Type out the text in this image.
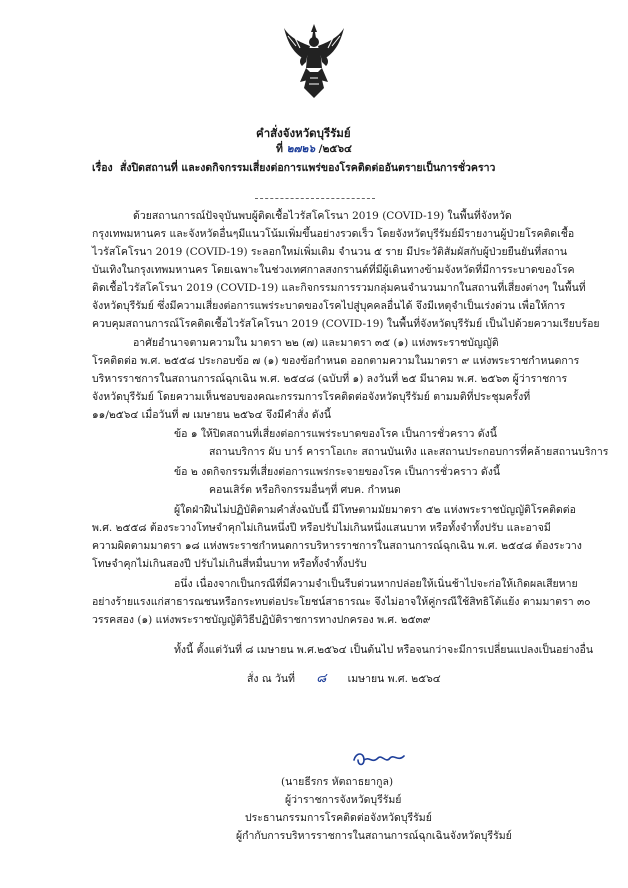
คำสั่งจังหวัดบุรีรัมย์
ที่ ๒๗๒๖ /๒๕๖๔
เรื่อง สั่งปิดสถานที่ และงดกิจกรรมเสี่ยงต่อการแพร่ของโรคติดต่ออันตรายเป็นการชั่วคราว
ด้วยสถานการณ์ปัจจุบันพบผู้ติดเชื้อไวรัสโคโรนา 2019 (COVID-19) ในพื้นที่จังหวัด
กรุงเทพมหานคร และจังหวัดอื่นๆมีแนวโน้มเพิ่มขึ้นอย่างรวดเร็ว โดยจังหวัดบุรีรัมย์มีรายงานผู้ป่วยโรคติดเชื้อ
ไวรัสโคโรนา 2019 (COVID-19) ระลอกใหม่เพิ่มเติม จำนวน ๕ ราย มีประวัติสัมผัสกับผู้ป่วยยืนยันที่สถาน
บันเทิงในกรุงเทพมหานคร โดยเฉพาะในช่วงเทศกาลสงกรานต์ที่มีผู้เดินทางข้ามจังหวัดที่มีการระบาดของโรค
ติดเชื้อไวรัสโคโรนา 2019 (COVID-19) และกิจกรรมการรวมกลุ่มคนจำนวนมากในสถานที่เสี่ยงต่างๆ ในพื้นที่
จังหวัดบุรีรัมย์ ซึ่งมีความเสี่ยงต่อการแพร่ระบาดของโรคไปสู่บุคคลอื่นได้ จึงมีเหตุจำเป็นเร่งด่วน เพื่อให้การ
ควบคุมสถานการณ์โรคติดเชื้อไวรัสโคโรนา 2019 (COVID-19) ในพื้นที่จังหวัดบุรีรัมย์ เป็นไปด้วยความเรียบร้อย
อาศัยอำนาจตามความใน มาตรา ๒๒ (๗) และมาตรา ๓๕ (๑) แห่งพระราชบัญญัติ
โรคติดต่อ พ.ศ. ๒๕๕๘ ประกอบข้อ ๗ (๑) ของข้อกำหนด ออกตามความในมาตรา ๙ แห่งพระราชกำหนดการ
บริหารราชการในสถานการณ์ฉุกเฉิน พ.ศ. ๒๕๔๘ (ฉบับที่ ๑) ลงวันที่ ๒๕ มีนาคม พ.ศ. ๒๕๖๓ ผู้ว่าราชการ
จังหวัดบุรีรัมย์ โดยความเห็นชอบของคณะกรรมการโรคติดต่อจังหวัดบุรีรัมย์ ตามมติที่ประชุมครั้งที่
๑๑/๒๕๖๔ เมื่อวันที่ ๗ เมษายน ๒๕๖๔ จึงมีคำสั่ง ดังนี้
ข้อ ๑ ให้ปิดสถานที่เสี่ยงต่อการแพร่ระบาดของโรค เป็นการชั่วคราว ดังนี้
สถานบริการ ผับ บาร์ คาราโอเกะ สถานบันเทิง และสถานประกอบการที่คล้ายสถานบริการ
ข้อ ๒ งดกิจกรรมที่เสี่ยงต่อการแพร่กระจายของโรค เป็นการชั่วคราว ดังนี้
คอนเสิร์ต หรือกิจกรรมอื่นๆที่ ศบค. กำหนด
ผู้ใดฝ่าฝืนไม่ปฏิบัติตามคำสั่งฉบับนี้ มีโทษตามมัยมาตรา ๕๒ แห่งพระราชบัญญัติโรคติดต่อ
พ.ศ. ๒๕๕๘ ต้องระวางโทษจำคุกไม่เกินหนึ่งปี หรือปรับไม่เกินหนึ่งแสนบาท หรือทั้งจำทั้งปรับ และอาจมี
ความผิดตามมาตรา ๑๘ แห่งพระราชกำหนดการบริหารราชการในสถานการณ์ฉุกเฉิน พ.ศ. ๒๕๔๘ ต้องระวาง
โทษจำคุกไม่เกินสองปี ปรับไม่เกินสี่หมื่นบาท หรือทั้งจำทั้งปรับ
อนึ่ง เนื่องจากเป็นกรณีที่มีความจำเป็นรีบด่วนหากปล่อยให้เนิ่นช้าไปจะก่อให้เกิดผลเสียหาย
อย่างร้ายแรงแก่สาธารณชนหรือกระทบต่อประโยชน์สาธารณะ จึงไม่อาจให้คู่กรณีใช้สิทธิโต้แย้ง ตามมาตรา ๓๐
วรรคสอง (๑) แห่งพระราชบัญญัติวิธีปฏิบัติราชการทางปกครอง พ.ศ. ๒๕๓๙
ทั้งนี้ ตั้งแต่วันที่ ๘ เมษายน พ.ศ.๒๕๖๔ เป็นต้นไป หรือจนกว่าจะมีการเปลี่ยนแปลงเป็นอย่างอื่น
สั่ง ณ วันที่ ๘ เมษายน พ.ศ. ๒๕๖๔
(นายธีรกร หัตถาธยากูล)
ผู้ว่าราชการจังหวัดบุรีรัมย์
ประธานกรรมการโรคติดต่อจังหวัดบุรีรัมย์
ผู้กำกับการบริหารราชการในสถานการณ์ฉุกเฉินจังหวัดบุรีรัมย์
